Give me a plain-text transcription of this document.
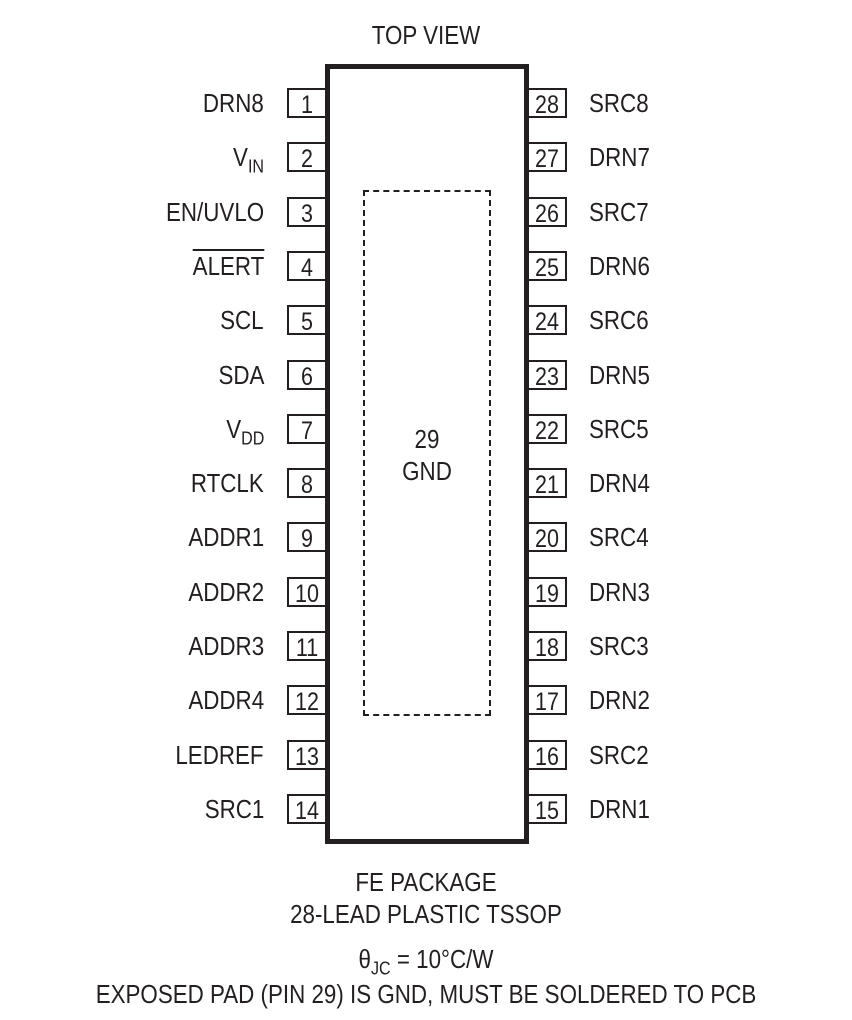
TOP VIEW
29
GND
1
DRN8
2
$V_{IN}$
3
EN/UVLO
4
ALERT
5
SCL
6
SDA
7
$V_{DD}$
8
RTCLK
9
ADDR1
10
ADDR2
11
ADDR3
12
ADDR4
13
LEDREF
14
SRC1
28 SRC8
27 DRN7
26 SRC7
25 DRN6
24 SRC6
23 DRN5
22 SRC5
21 DRN4
20 SRC4
19 DRN3
18 SRC3
17 DRN2
16 SRC2
15 DRN1
FE PACKAGE
28-LEAD PLASTIC TSSOP
$\theta_{JC} = 10^\circ C/W$
EXPOSED PAD (PIN 29) IS GND, MUST BE SOLDERED TO PCB
